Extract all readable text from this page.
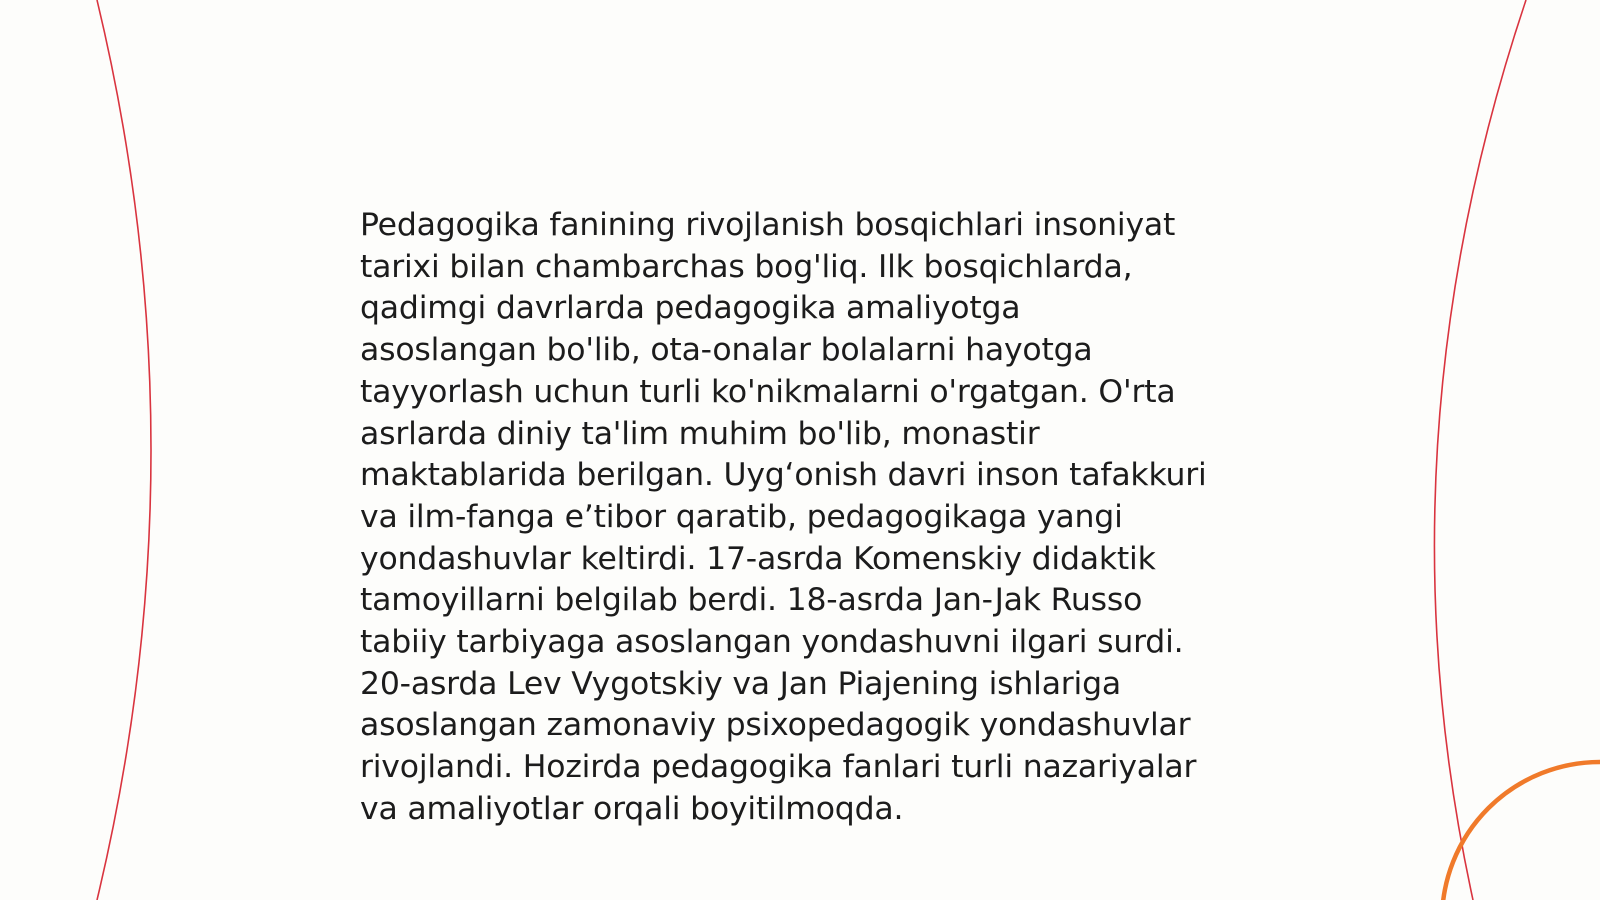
Pedagogika fanining rivojlanish bosqichlari insoniyat
tarixi bilan chambarchas bog'liq. Ilk bosqichlarda,
qadimgi davrlarda pedagogika amaliyotga
asoslangan bo'lib, ota-onalar bolalarni hayotga
tayyorlash uchun turli ko'nikmalarni o'rgatgan. O'rta
asrlarda diniy ta'lim muhim bo'lib, monastir
maktablarida berilgan. Uyg‘onish davri inson tafakkuri
va ilm-fanga e’tibor qaratib, pedagogikaga yangi
yondashuvlar keltirdi. 17-asrda Komenskiy didaktik
tamoyillarni belgilab berdi. 18-asrda Jan-Jak Russo
tabiiy tarbiyaga asoslangan yondashuvni ilgari surdi.
20-asrda Lev Vygotskiy va Jan Piajening ishlariga
asoslangan zamonaviy psixopedagogik yondashuvlar
rivojlandi. Hozirda pedagogika fanlari turli nazariyalar
va amaliyotlar orqali boyitilmoqda.
